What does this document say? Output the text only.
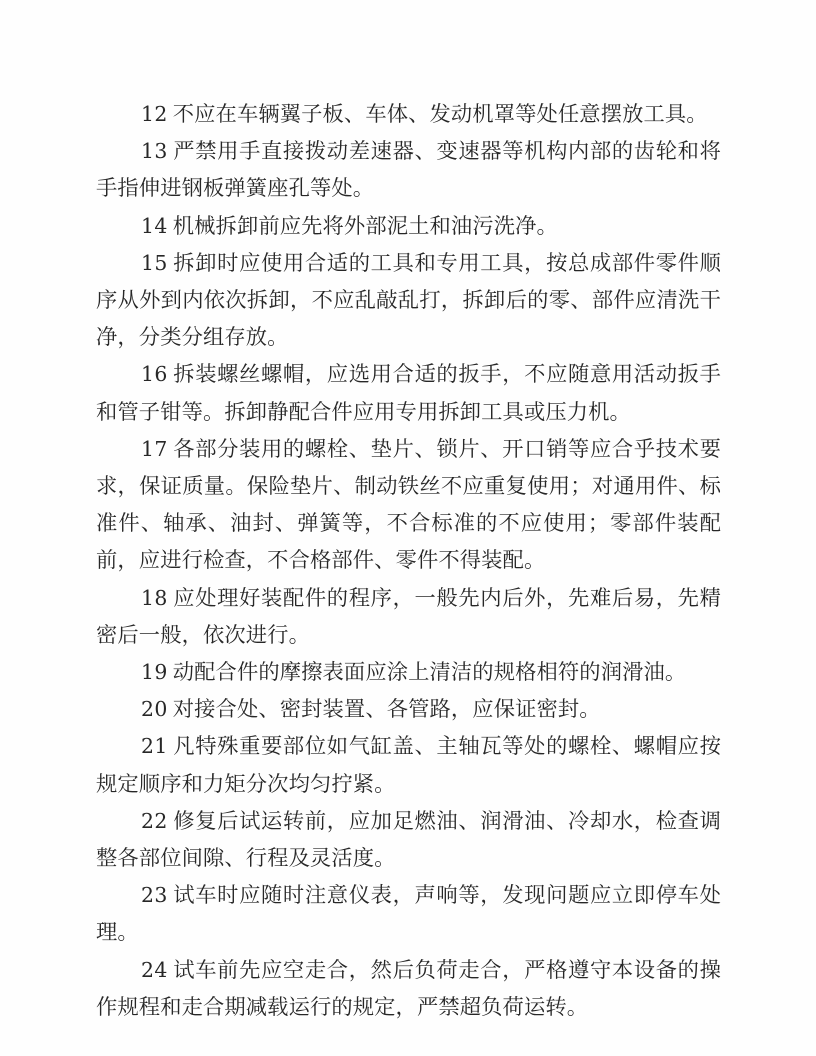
12 不应在车辆翼子板、车体、发动机罩等处任意摆放工具。

13 严禁用手直接拨动差速器、变速器等机构内部的齿轮和将手指伸进钢板弹簧座孔等处。

14 机械拆卸前应先将外部泥土和油污洗净。

15 拆卸时应使用合适的工具和专用工具，按总成部件零件顺序从外到内依次拆卸，不应乱敲乱打，拆卸后的零、部件应清洗干净，分类分组存放。

16 拆装螺丝螺帽，应选用合适的扳手，不应随意用活动扳手和管子钳等。拆卸静配合件应用专用拆卸工具或压力机。

17 各部分装用的螺栓、垫片、锁片、开口销等应合乎技术要求，保证质量。保险垫片、制动铁丝不应重复使用；对通用件、标准件、轴承、油封、弹簧等，不合标准的不应使用；零部件装配前，应进行检查，不合格部件、零件不得装配。

18 应处理好装配件的程序，一般先内后外，先难后易，先精密后一般，依次进行。

19 动配合件的摩擦表面应涂上清洁的规格相符的润滑油。

20 对接合处、密封装置、各管路，应保证密封。

21 凡特殊重要部位如气缸盖、主轴瓦等处的螺栓、螺帽应按规定顺序和力矩分次均匀拧紧。

22 修复后试运转前，应加足燃油、润滑油、冷却水，检查调整各部位间隙、行程及灵活度。

23 试车时应随时注意仪表，声响等，发现问题应立即停车处理。

24 试车前先应空走合，然后负荷走合，严格遵守本设备的操作规程和走合期减载运行的规定，严禁超负荷运转。
